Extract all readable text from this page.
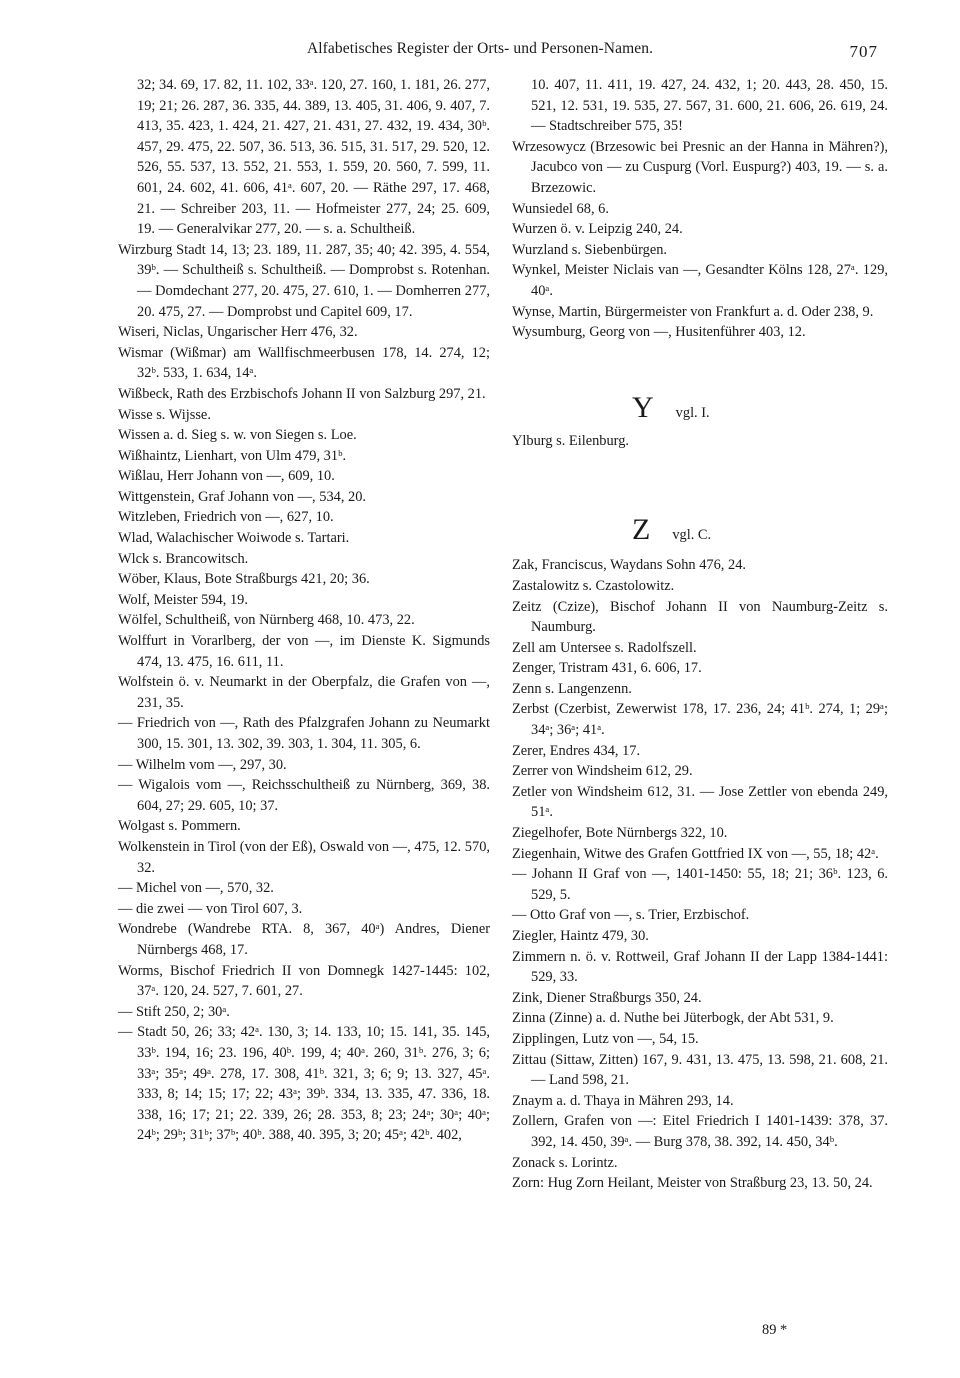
Alfabetisches Register der Orts- und Personen-Namen.	707

32; 34. 69, 17. 82, 11. 102, 33ᵃ. 120, 27. 160, 1. 181, 26. 277, 19; 21; 26. 287, 36. 335, 44. 389, 13. 405, 31. 406, 9. 407, 7. 413, 35. 423, 1. 424, 21. 427, 21. 431, 27. 432, 19. 434, 30ᵇ. 457, 29. 475, 22. 507, 36. 513, 36. 515, 31. 517, 29. 520, 12. 526, 55. 537, 13. 552, 21. 553, 1. 559, 20. 560, 7. 599, 11. 601, 24. 602, 41. 606, 41ᵃ. 607, 20. — Räthe 297, 17. 468, 21. — Schreiber 203, 11. — Hofmeister 277, 24; 25. 609, 19. — Generalvikar 277, 20. — s. a. Schultheiß.

Wirzburg Stadt 14, 13; 23. 189, 11. 287, 35; 40; 42. 395, 4. 554, 39ᵇ. — Schultheiß s. Schultheiß. — Domprobst s. Rotenhan. — Domdechant 277, 20. 475, 27. 610, 1. — Domherren 277, 20. 475, 27. — Domprobst und Capitel 609, 17.

Wiseri, Niclas, Ungarischer Herr 476, 32.

Wismar (Wißmar) am Wallfischmeerbusen 178, 14. 274, 12; 32ᵇ. 533, 1. 634, 14ᵃ.

Wißbeck, Rath des Erzbischofs Johann II von Salzburg 297, 21.

Wisse s. Wijsse.

Wissen a. d. Sieg s. w. von Siegen s. Loe.

Wißhaintz, Lienhart, von Ulm 479, 31ᵇ.

Wißlau, Herr Johann von —, 609, 10.

Wittgenstein, Graf Johann von —, 534, 20.

Witzleben, Friedrich von —, 627, 10.

Wlad, Walachischer Woiwode s. Tartari.

Wlck s. Brancowitsch.

Wöber, Klaus, Bote Straßburgs 421, 20; 36.

Wolf, Meister 594, 19.

Wölfel, Schultheiß, von Nürnberg 468, 10. 473, 22.

Wolffurt in Vorarlberg, der von —, im Dienste K. Sigmunds 474, 13. 475, 16. 611, 11.

Wolfstein ö. v. Neumarkt in der Oberpfalz, die Grafen von —, 231, 35.

— Friedrich von —, Rath des Pfalzgrafen Johann zu Neumarkt 300, 15. 301, 13. 302, 39. 303, 1. 304, 11. 305, 6.

— Wilhelm vom —, 297, 30.

— Wigalois vom —, Reichsschultheiß zu Nürnberg, 369, 38. 604, 27; 29. 605, 10; 37.

Wolgast s. Pommern.

Wolkenstein in Tirol (von der Eß), Oswald von —, 475, 12. 570, 32.

— Michel von —, 570, 32.

— die zwei — von Tirol 607, 3.

Wondrebe (Wandrebe RTA. 8, 367, 40ᵃ) Andres, Diener Nürnbergs 468, 17.

Worms, Bischof Friedrich II von Domnegk 1427-1445: 102, 37ᵃ. 120, 24. 527, 7. 601, 27.

— Stift 250, 2; 30ᵃ.

— Stadt 50, 26; 33; 42ᵃ. 130, 3; 14. 133, 10; 15. 141, 35. 145, 33ᵇ. 194, 16; 23. 196, 40ᵇ. 199, 4; 40ᵃ. 260, 31ᵇ. 276, 3; 6; 33ᵃ; 35ᵃ; 49ᵃ. 278, 17. 308, 41ᵇ. 321, 3; 6; 9; 13. 327, 45ᵃ. 333, 8; 14; 15; 17; 22; 43ᵃ; 39ᵇ. 334, 13. 335, 47. 336, 18. 338, 16; 17; 21; 22. 339, 26; 28. 353, 8; 23; 24ᵃ; 30ᵃ; 40ᵃ; 24ᵇ; 29ᵇ; 31ᵇ; 37ᵇ; 40ᵇ. 388, 40. 395, 3; 20; 45ᵃ; 42ᵇ. 402,

10. 407, 11. 411, 19. 427, 24. 432, 1; 20. 443, 28. 450, 15. 521, 12. 531, 19. 535, 27. 567, 31. 600, 21. 606, 26. 619, 24. — Stadtschreiber 575, 35!

Wrzesowycz (Brzesowic bei Presnic an der Hanna in Mähren?), Jacubco von — zu Cuspurg (Vorl. Euspurg?) 403, 19. — s. a. Brzezowic.

Wunsiedel 68, 6.

Wurzen ö. v. Leipzig 240, 24.

Wurzland s. Siebenbürgen.

Wynkel, Meister Niclais van —, Gesandter Kölns 128, 27ᵃ. 129, 40ᵃ.

Wynse, Martin, Bürgermeister von Frankfurt a. d. Oder 238, 9.

Wysumburg, Georg von —, Husitenführer 403, 12.

Y vgl. I.

Ylburg s. Eilenburg.

Z vgl. C.

Zak, Franciscus, Waydans Sohn 476, 24.

Zastalowitz s. Czastolowitz.

Zeitz (Czize), Bischof Johann II von Naumburg-Zeitz s. Naumburg.

Zell am Untersee s. Radolfszell.

Zenger, Tristram 431, 6. 606, 17.

Zenn s. Langenzenn.

Zerbst (Czerbist, Zewerwist 178, 17. 236, 24; 41ᵇ. 274, 1; 29ᵃ; 34ᵃ; 36ᵃ; 41ᵃ.

Zerer, Endres 434, 17.

Zerrer von Windsheim 612, 29.

Zetler von Windsheim 612, 31. — Jose Zettler von ebenda 249, 51ᵃ.

Ziegelhofer, Bote Nürnbergs 322, 10.

Ziegenhain, Witwe des Grafen Gottfried IX von —, 55, 18; 42ᵃ.

— Johann II Graf von —, 1401-1450: 55, 18; 21; 36ᵇ. 123, 6. 529, 5.

— Otto Graf von —, s. Trier, Erzbischof.

Ziegler, Haintz 479, 30.

Zimmern n. ö. v. Rottweil, Graf Johann II der Lapp 1384-1441: 529, 33.

Zink, Diener Straßburgs 350, 24.

Zinna (Zinne) a. d. Nuthe bei Jüterbogk, der Abt 531, 9.

Zipplingen, Lutz von —, 54, 15.

Zittau (Sittaw, Zitten) 167, 9. 431, 13. 475, 13. 598, 21. 608, 21. — Land 598, 21.

Znaym a. d. Thaya in Mähren 293, 14.

Zollern, Grafen von —: Eitel Friedrich I 1401-1439: 378, 37. 392, 14. 450, 39ᵃ. — Burg 378, 38. 392, 14. 450, 34ᵇ.

Zonack s. Lorintz.

Zorn: Hug Zorn Heilant, Meister von Straßburg 23, 13. 50, 24.

89 *
